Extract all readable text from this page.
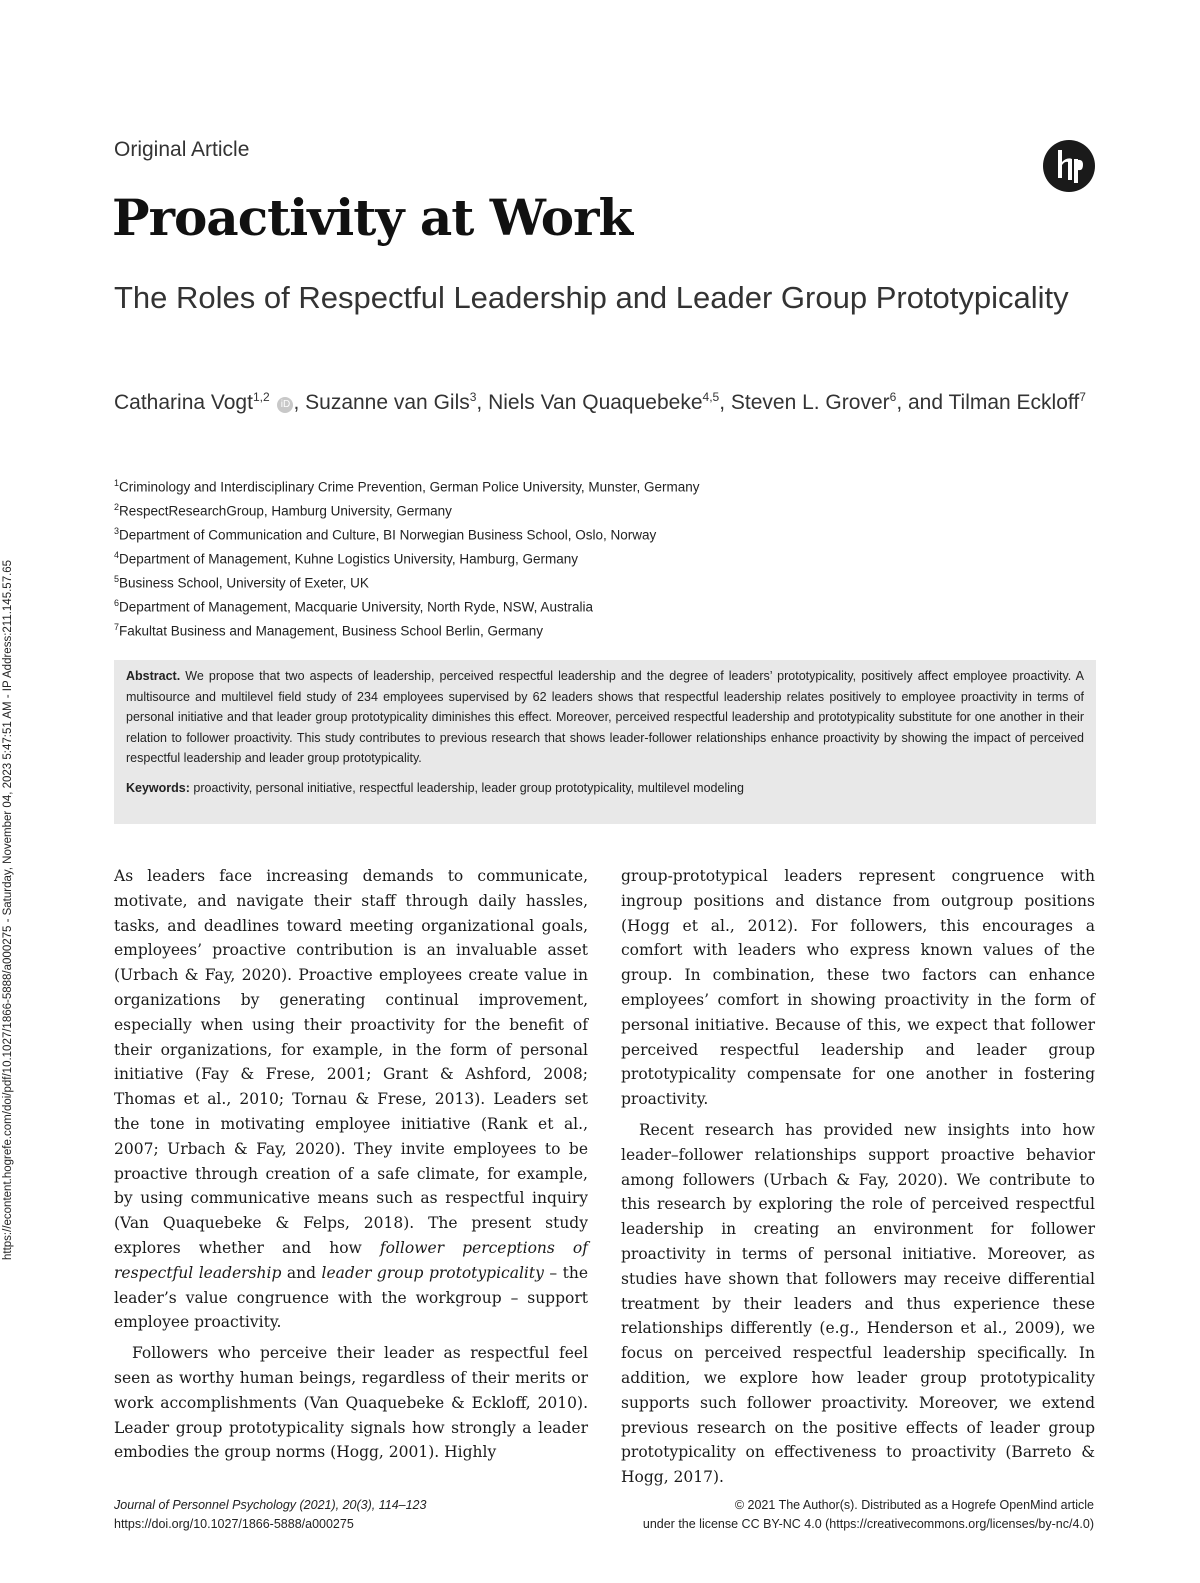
https://econtent.hogrefe.com/doi/pdf/10.1027/1866-5888/a000275 - Saturday, November 04, 2023 5:47:51 AM - IP Address:211.145.57.65
Original Article
Proactivity at Work
The Roles of Respectful Leadership and Leader Group Prototypicality
Catharina Vogt$^{1,2}$ iD , Suzanne van Gils$^3$, Niels Van Quaquebeke$^{4,5}$, Steven L. Grover$^6$, and Tilman Eckloff$^7$
$^1$Criminology and Interdisciplinary Crime Prevention, German Police University, Munster, Germany
$^2$RespectResearchGroup, Hamburg University, Germany
$^3$Department of Communication and Culture, BI Norwegian Business School, Oslo, Norway
$^4$Department of Management, Kuhne Logistics University, Hamburg, Germany
$^5$Business School, University of Exeter, UK
$^6$Department of Management, Macquarie University, North Ryde, NSW, Australia
$^7$Fakultat Business and Management, Business School Berlin, Germany
Abstract. We propose that two aspects of leadership, perceived respectful leadership and the degree of leaders’ prototypicality, positively affect employee proactivity. A multisource and multilevel field study of 234 employees supervised by 62 leaders shows that respectful leadership relates positively to employee proactivity in terms of personal initiative and that leader group prototypicality diminishes this effect. Moreover, perceived respectful leadership and prototypicality substitute for one another in their relation to follower proactivity. This study contributes to previous research that shows leader-follower relationships enhance proactivity by showing the impact of perceived respectful leadership and leader group prototypicality.
Keywords: proactivity, personal initiative, respectful leadership, leader group prototypicality, multilevel modeling

As leaders face increasing demands to communicate, motivate, and navigate their staff through daily hassles, tasks, and deadlines toward meeting organizational goals, employees’ proactive contribution is an invaluable asset (Urbach & Fay, 2020). Proactive employees create value in organizations by generating continual improvement, especially when using their proactivity for the benefit of their organizations, for example, in the form of personal initiative (Fay & Frese, 2001; Grant & Ashford, 2008; Thomas et al., 2010; Tornau & Frese, 2013). Leaders set the tone in motivating employee initiative (Rank et al., 2007; Urbach & Fay, 2020). They invite employees to be proactive through creation of a safe climate, for example, by using communicative means such as respectful inquiry (Van Quaquebeke & Felps, 2018). The present study explores whether and how follower perceptions of respectful leadership and leader group prototypicality – the leader’s value congruence with the workgroup – support employee proactivity.

Followers who perceive their leader as respectful feel seen as worthy human beings, regardless of their merits or work accomplishments (Van Quaquebeke & Eckloff, 2010). Leader group prototypicality signals how strongly a leader embodies the group norms (Hogg, 2001). Highly

group-prototypical leaders represent congruence with ingroup positions and distance from outgroup positions (Hogg et al., 2012). For followers, this encourages a comfort with leaders who express known values of the group. In combination, these two factors can enhance employees’ comfort in showing proactivity in the form of personal initiative. Because of this, we expect that follower perceived respectful leadership and leader group prototypicality compensate for one another in fostering proactivity.

Recent research has provided new insights into how leader–follower relationships support proactive behavior among followers (Urbach & Fay, 2020). We contribute to this research by exploring the role of perceived respectful leadership in creating an environment for follower proactivity in terms of personal initiative. Moreover, as studies have shown that followers may receive differential treatment by their leaders and thus experience these relationships differently (e.g., Henderson et al., 2009), we focus on perceived respectful leadership specifically. In addition, we explore how leader group prototypicality supports such follower proactivity. Moreover, we extend previous research on the positive effects of leader group prototypicality on effectiveness to proactivity (Barreto & Hogg, 2017).

Journal of Personnel Psychology (2021), 20(3), 114–123
https://doi.org/10.1027/1866-5888/a000275
© 2021 The Author(s). Distributed as a Hogrefe OpenMind article
under the license CC BY-NC 4.0 (https://creativecommons.org/licenses/by-nc/4.0)
